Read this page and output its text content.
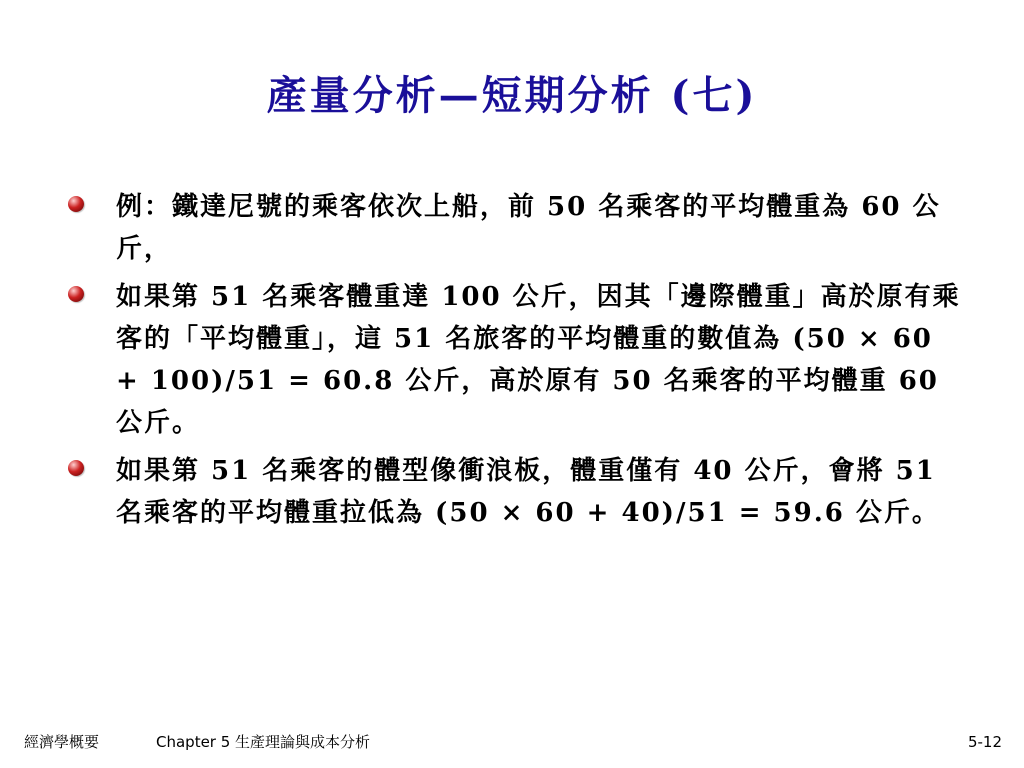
產量分析—短期分析 (七)
例：鐵達尼號的乘客依次上船，前 50 名乘客的平均體重為 60 公斤，
如果第 51 名乘客體重達 100 公斤，因其「邊際體重」高於原有乘客的「平均體重」，這 51 名旅客的平均體重的數值為 (50 × 60 + 100)/51 = 60.8 公斤，高於原有 50 名乘客的平均體重 60 公斤。
如果第 51 名乘客的體型像衝浪板，體重僅有 40 公斤，會將 51 名乘客的平均體重拉低為 (50 × 60 + 40)/51 = 59.6 公斤。
經濟學概要	Chapter 5 生產理論與成本分析	5-12
